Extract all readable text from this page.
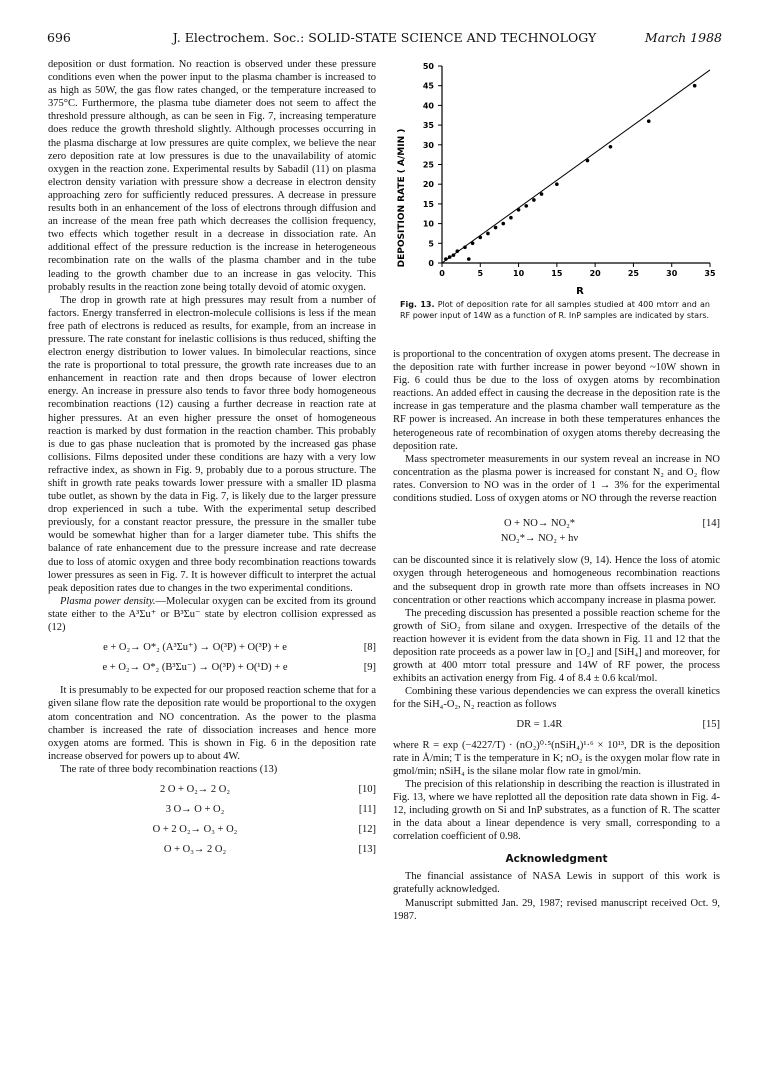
696	J. Electrochem. Soc.: SOLID-STATE SCIENCE AND TECHNOLOGY	March 1988

deposition or dust formation. No reaction is observed under these pressure conditions even when the power input to the plasma chamber is increased to as high as 50W, the gas flow rates changed, or the temperature increased to 375°C. Furthermore, the plasma tube diameter does not seem to affect the threshold pressure although, as can be seen in Fig. 7, increasing temperature does reduce the growth threshold slightly. Although processes occurring in the plasma discharge at low pressures are quite complex, we believe the near zero deposition rate at low pressures is due to the unavailability of atomic oxygen in the reaction zone. Experimental results by Sabadil (11) on plasma electron density variation with pressure show a decrease in electron density approaching zero for sufficiently reduced pressures. A decrease in pressure results both in an enhancement of the loss of electrons through diffusion and an increase of the mean free path which decreases the collision frequency, two effects which together result in a decrease in dissociation rate. An additional effect of the pressure reduction is the increase in heterogeneous recombination rate on the walls of the plasma chamber and in the tube leading to the growth chamber due to an increase in gas velocity. This probably results in the reaction zone being totally devoid of atomic oxygen.

The drop in growth rate at high pressures may result from a number of factors. Energy transferred in electron-molecule collisions is less if the mean free path of electrons is reduced as results, for example, from an increase in pressure. The rate constant for inelastic collisions is thus reduced, shifting the electron energy distribution to lower values. In bimolecular reactions, since the rate is proportional to total pressure, the growth rate increases due to an enhancement in reaction rate and then drops because of lower electron energy. An increase in pressure also tends to favor three body homogeneous recombination reactions (12) causing a further decrease in reaction rate at higher pressures. At an even higher pressure the onset of homogeneous reaction is marked by dust formation in the reaction chamber. This probably is due to gas phase nucleation that is promoted by the increased gas phase collisions. Films deposited under these conditions are hazy with a very low refractive index, as shown in Fig. 9, probably due to a porous structure. The shift in growth rate peaks towards lower pressure with a smaller ID plasma tube outlet, as shown by the data in Fig. 7, is likely due to the larger pressure drop experienced in such a tube. With the experimental setup described previously, for a constant reactor pressure, the pressure in the smaller tube would be somewhat higher than for a larger diameter tube. This shifts the balance of rate enhancement due to the pressure increase and rate decrease due to loss of atomic oxygen and three body recombination reactions towards lower pressures as seen in Fig. 7. It is however difficult to interpret the actual peak deposition rates due to changes in the two experimental conditions.

Plasma power density.—Molecular oxygen can be excited from its ground state either to the A³Σu⁺ or B³Σu⁻ state by electron collision expressed as (12)

e + O₂→ O*₂ (A³Σu⁺) → O(³P) + O(³P) + e	[8]
e + O₂→ O*₂ (B³Σu⁻) → O(³P) + O(¹D) + e	[9]

It is presumably to be expected for our proposed reaction scheme that for a given silane flow rate the deposition rate would be proportional to the oxygen atom concentration and NO concentration. As the power to the plasma chamber is increased the rate of dissociation increases and hence more oxygen atoms are formed. This is shown in Fig. 6 in the deposition rate increase observed for powers up to about 4W.

The rate of three body recombination reactions (13)

2 O + O₂→ 2 O₂	[10]
3 O→ O + O₂	[11]
O + 2 O₂→ O₃ + O₂	[12]
O + O₃→ 2 O₂	[13]
0
5
10
15
20
25
30
35
40
45
50
0	5	10	15	20	25	30	35
DEPOSITION RATE ( A/MIN )
R
Fig. 13. Plot of deposition rate for all samples studied at 400 mtorr and an RF power input of 14W as a function of R. InP samples are indicated by stars.

is proportional to the concentration of oxygen atoms present. The decrease in the deposition rate with further increase in power beyond ~10W shown in Fig. 6 could thus be due to the loss of oxygen atoms by recombination reactions. An added effect in causing the decrease in the deposition rate is the increase in gas temperature and the plasma chamber wall temperature as the RF power is increased. An increase in both these temperatures enhances the heterogeneous rate of recombination of oxygen atoms thereby decreasing the deposition rate.

Mass spectrometer measurements in our system reveal an increase in NO concentration as the plasma power is increased for constant N₂ and O₂ flow rates. Conversion to NO was in the order of 1 → 3% for the experimental conditions studied. Loss of oxygen atoms or NO through the reverse reaction

O + NO→ NO₂*
NO₂*→ NO₂ + hν
[14]

can be discounted since it is relatively slow (9, 14). Hence the loss of atomic oxygen through heterogeneous and homogeneous recombination reactions and the subsequent drop in growth rate more than offsets increases in NO concentration or other reactions which accompany increase in plasma power.

The preceding discussion has presented a possible reaction scheme for the growth of SiO₂ from silane and oxygen. Irrespective of the details of the reaction however it is evident from the data shown in Fig. 11 and 12 that the deposition rate proceeds as a power law in [O₂] and [SiH₄] and moreover, for growth at 400 mtorr total pressure and 14W of RF power, the process exhibits an activation energy from Fig. 4 of 8.4 ± 0.6 kcal/mol.

Combining these various dependencies we can express the overall kinetics for the SiH₄-O₂, N₂ reaction as follows

DR = 1.4R	[15]

where R = exp (−4227/T) · (nO₂)⁰·⁵(nSiH₄)¹·⁶ × 10¹³, DR is the deposition rate in Å/min; T is the temperature in K; nO₂ is the oxygen molar flow rate in gmol/min; nSiH₄ is the silane molar flow rate in gmol/min.

The precision of this relationship in describing the reaction is illustrated in Fig. 13, where we have replotted all the deposition rate data shown in Fig. 4-12, including growth on Si and InP substrates, as a function of R. The scatter in the data about a linear dependence is very small, corresponding to a correlation coefficient of 0.98.

Acknowledgment

The financial assistance of NASA Lewis in support of this work is gratefully acknowledged.

Manuscript submitted Jan. 29, 1987; revised manuscript received Oct. 9, 1987.
